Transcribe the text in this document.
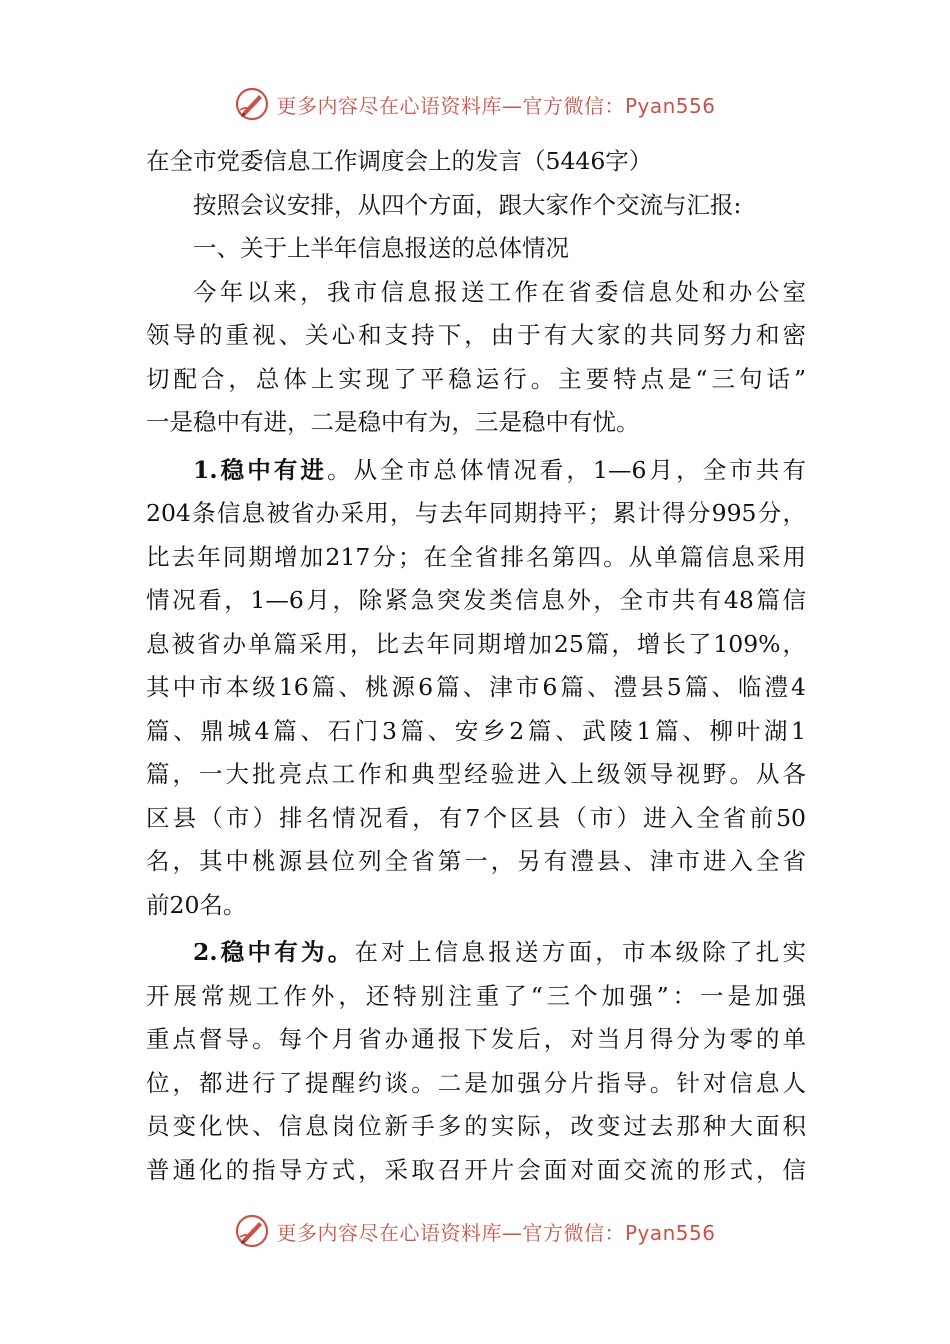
更多内容尽在心语资料库—官方微信：Pyan556
在全市党委信息工作调度会上的发言（5446字）
按照会议安排，从四个方面，跟大家作个交流与汇报:
一、关于上半年信息报送的总体情况
今年以来，我市信息报送工作在省委信息处和办公室
领导的重视、关心和支持下，由于有大家的共同努力和密
切配合，总体上实现了平稳运行。主要特点是“三句话”
一是稳中有进，二是稳中有为，三是稳中有忧。
1.稳中有进。从全市总体情况看，1—6月，全市共有
204条信息被省办采用，与去年同期持平；累计得分995分，
比去年同期增加217分；在全省排名第四。从单篇信息采用
情况看，1—6月，除紧急突发类信息外，全市共有48篇信
息被省办单篇采用，比去年同期增加25篇，增长了109%，
其中市本级16篇、桃源6篇、津市6篇、澧县5篇、临澧4
篇、鼎城4篇、石门3篇、安乡2篇、武陵1篇、柳叶湖1
篇，一大批亮点工作和典型经验进入上级领导视野。从各
区县（市）排名情况看，有7个区县（市）进入全省前50
名，其中桃源县位列全省第一，另有澧县、津市进入全省
前20名。
2.稳中有为。在对上信息报送方面，市本级除了扎实
开展常规工作外，还特别注重了“三个加强”：一是加强
重点督导。每个月省办通报下发后，对当月得分为零的单
位，都进行了提醒约谈。二是加强分片指导。针对信息人
员变化快、信息岗位新手多的实际，改变过去那种大面积
普通化的指导方式，采取召开片会面对面交流的形式，信
更多内容尽在心语资料库—官方微信：Pyan556
